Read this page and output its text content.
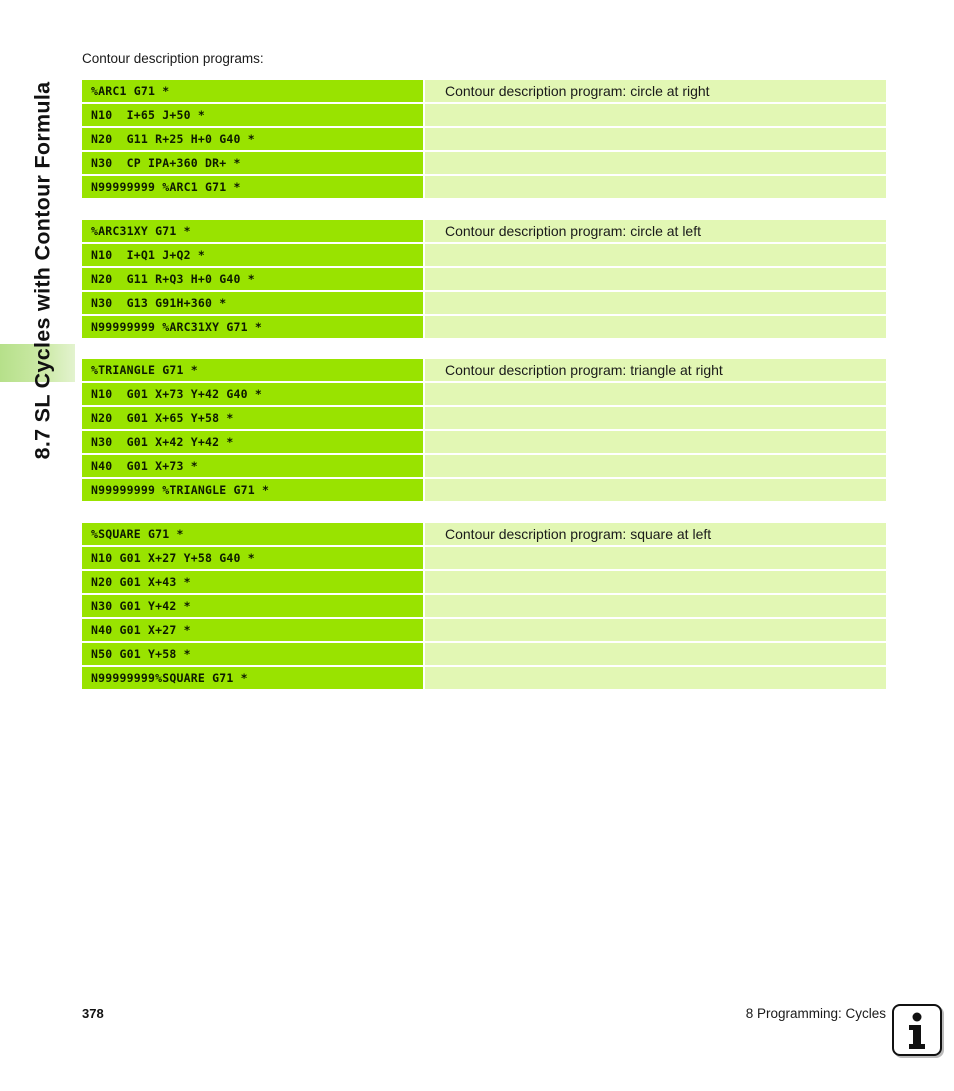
8.7 SL Cycles with Contour Formula
Contour description programs:
%ARC1 G71 *	Contour description program: circle at right
N10  I+65 J+50 *
N20  G11 R+25 H+0 G40 *
N30  CP IPA+360 DR+ *
N99999999 %ARC1 G71 *
%ARC31XY G71 *	Contour description program: circle at left
N10  I+Q1 J+Q2 *
N20  G11 R+Q3 H+0 G40 *
N30  G13 G91H+360 *
N99999999 %ARC31XY G71 *
%TRIANGLE G71 *	Contour description program: triangle at right
N10  G01 X+73 Y+42 G40 *
N20  G01 X+65 Y+58 *
N30  G01 X+42 Y+42 *
N40  G01 X+73 *
N99999999 %TRIANGLE G71 *
%SQUARE G71 *	Contour description program: square at left
N10 G01 X+27 Y+58 G40 *
N20 G01 X+43 *
N30 G01 Y+42 *
N40 G01 X+27 *
N50 G01 Y+58 *
N99999999%SQUARE G71 *
378	8 Programming: Cycles
